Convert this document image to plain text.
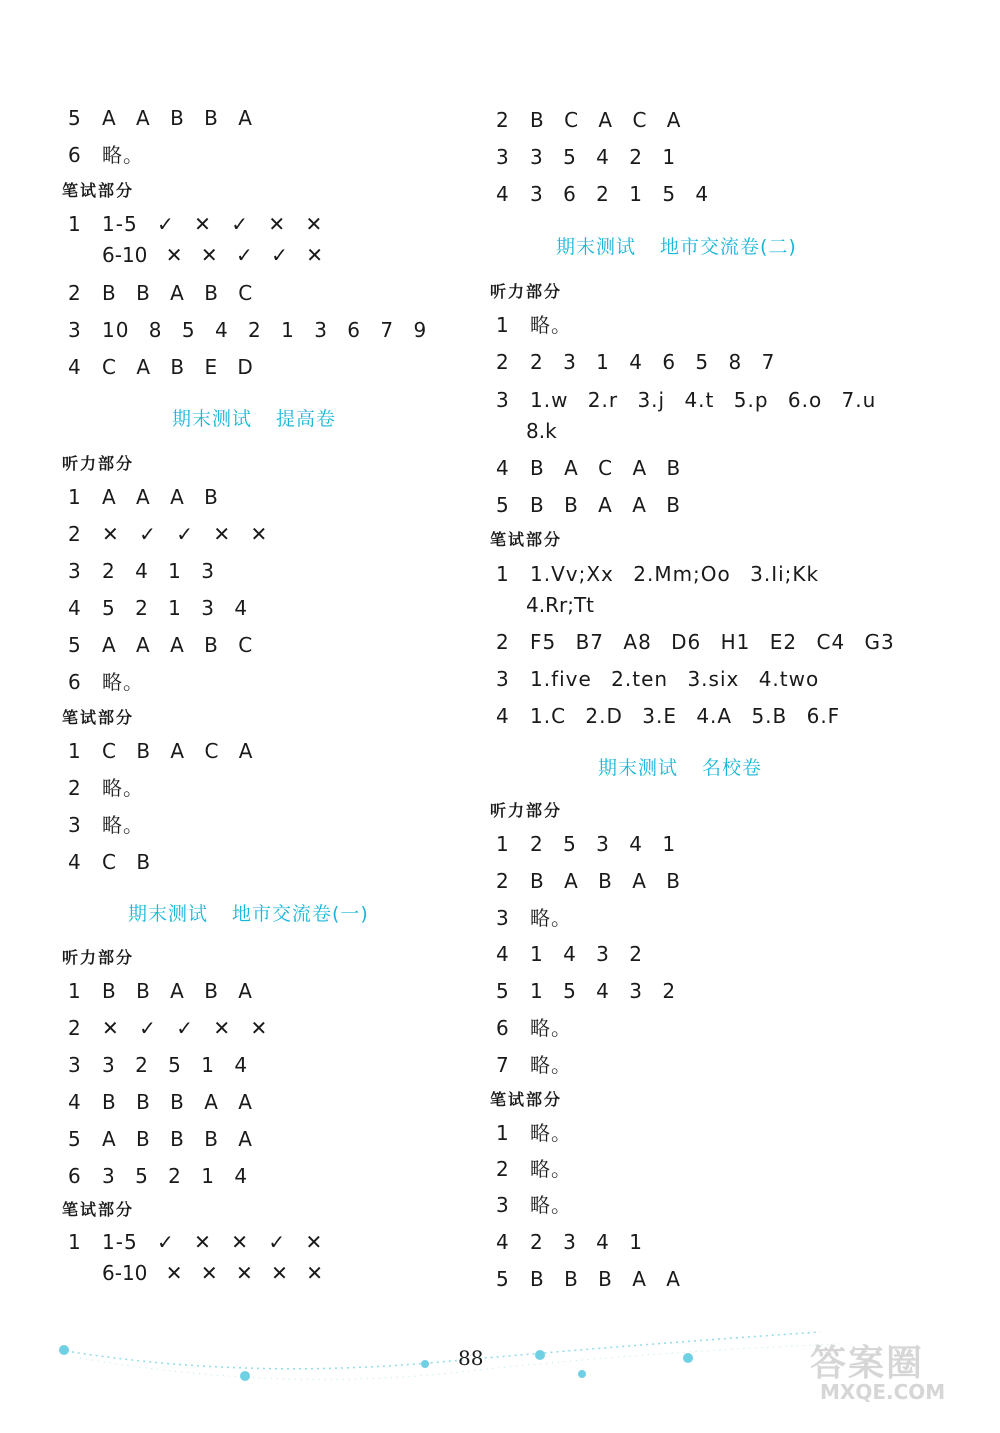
5	A A B B A
6	略。
笔试部分
1	1-5 ✓ ✕ ✓ ✕ ✕
6-10 ✕ ✕ ✓ ✓ ✕
2	B B A B C
3	10 8 5 4 2 1 3 6 7 9
4	C A B E D
期末测试 提高卷
听力部分
1	A A A B
2	✕ ✓ ✓ ✕ ✕
3	2 4 1 3
4	5 2 1 3 4
5	A A A B C
6	略。
笔试部分
1	C B A C A
2	略。
3	略。
4	C B
期末测试 地市交流卷(一)
听力部分
1	B B A B A
2	✕ ✓ ✓ ✕ ✕
3	3 2 5 1 4
4	B B B A A
5	A B B B A
6	3 5 2 1 4
笔试部分
1	1-5 ✓ ✕ ✕ ✓ ✕
6-10 ✕ ✕ ✕ ✕ ✕
2	B C A C A
3	3 5 4 2 1
4	3 6 2 1 5 4
期末测试 地市交流卷(二)
听力部分
1	略。
2	2 3 1 4 6 5 8 7
3	1.w 2.r 3.j 4.t 5.p 6.o 7.u
8.k
4	B A C A B
5	B B A A B
笔试部分
1	1.Vv;Xx 2.Mm;Oo 3.Ii;Kk
4.Rr;Tt
2	F5 B7 A8 D6 H1 E2 C4 G3
3	1.five 2.ten 3.six 4.two
4	1.C 2.D 3.E 4.A 5.B 6.F
期末测试 名校卷
听力部分
1	2 5 3 4 1
2	B A B A B
3	略。
4	1 4 3 2
5	1 5 4 3 2
6	略。
7	略。
笔试部分
1	略。
2	略。
3	略。
4	2 3 4 1
5	B B B A A
88	答案圈
MXQE.COM
